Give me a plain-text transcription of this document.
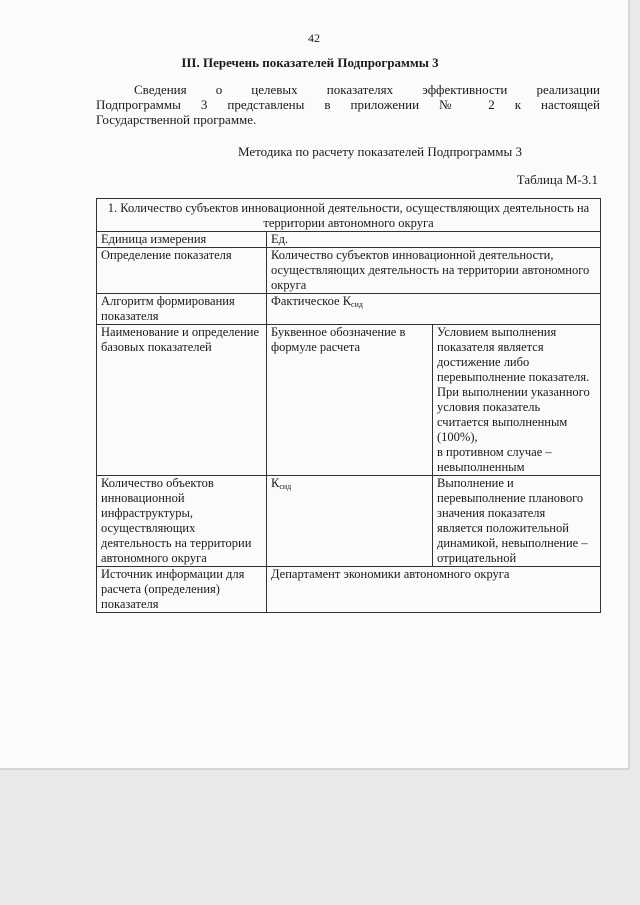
42
III. Перечень показателей Подпрограммы 3
Сведения о целевых показателях эффективности реализации
Подпрограммы 3 представлены в приложении № 2 к настоящей
Государственной программе.
Методика по расчету показателей Подпрограммы 3
Таблица М-3.1
1. Количество субъектов инновационной деятельности, осуществляющих деятельность на территории автономного округа		
Единица измерения	Ед.	
Определение показателя	Количество субъектов инновационной деятельности, осуществляющих деятельность на территории автономного округа	
Алгоритм формирования показателя	Фактическое $К_{сид}$
Наименование и определение базовых показателей	Буквенное обозначение в формуле расчета	Условием выполнения показателя является достижение либо перевыполнение показателя. При выполнении указанного условия показатель считается выполненным (100%),
в противном случае – невыполненным

Количество объектов инновационной инфраструктуры, осуществляющих деятельность на территории автономного округа	$К_{сид}$	Выполнение и перевыполнение планового значения показателя является положительной динамикой, невыполнение – отрицательной
Источник информации для расчета (определения) показателя	Департамент экономики автономного округа	
